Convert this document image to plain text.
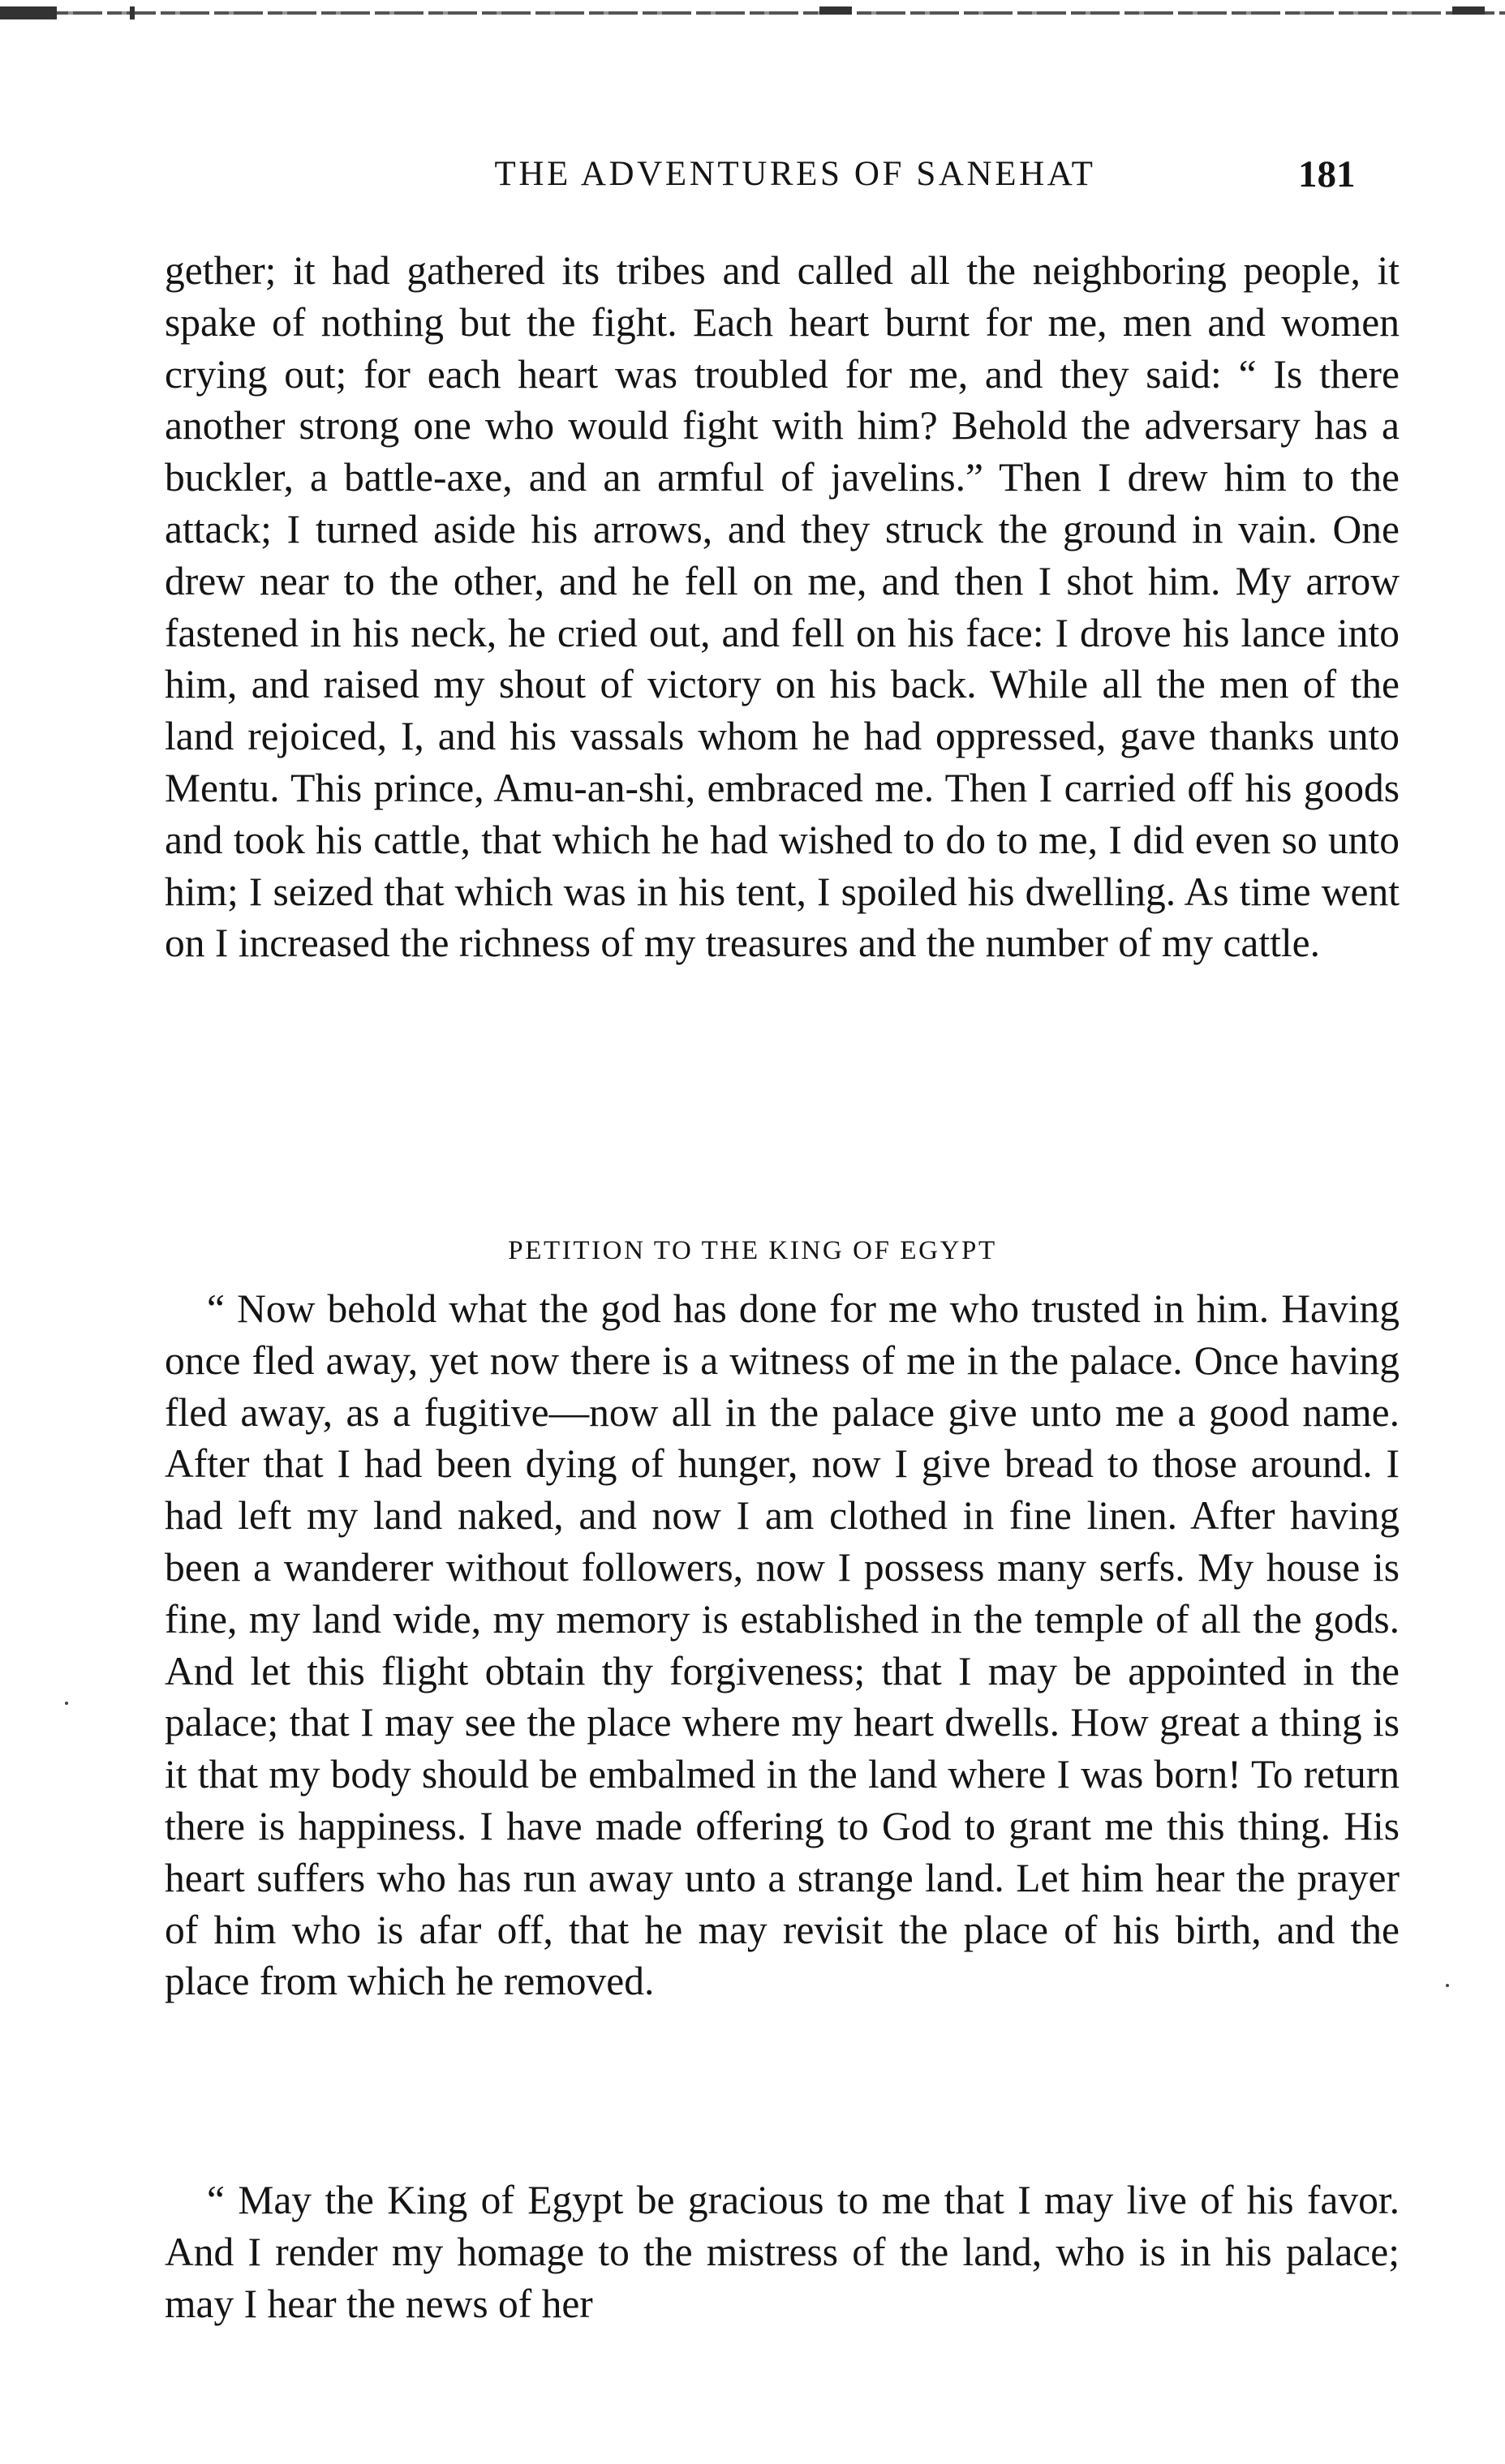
THE ADVENTURES OF SANEHAT	181

gether; it had gathered its tribes and called all the neighboring people, it spake of nothing but the fight. Each heart burnt for me, men and women crying out; for each heart was troubled for me, and they said: “ Is there another strong one who would fight with him? Behold the adversary has a buckler, a battle-axe, and an armful of javelins.” Then I drew him to the attack; I turned aside his arrows, and they struck the ground in vain. One drew near to the other, and he fell on me, and then I shot him. My arrow fastened in his neck, he cried out, and fell on his face: I drove his lance into him, and raised my shout of victory on his back. While all the men of the land rejoiced, I, and his vassals whom he had oppressed, gave thanks unto Mentu. This prince, Amu-an-shi, embraced me. Then I carried off his goods and took his cattle, that which he had wished to do to me, I did even so unto him; I seized that which was in his tent, I spoiled his dwelling. As time went on I increased the richness of my treasures and the number of my cattle.

PETITION TO THE KING OF EGYPT

“ Now behold what the god has done for me who trusted in him. Having once fled away, yet now there is a witness of me in the palace. Once having fled away, as a fugitive—now all in the palace give unto me a good name. After that I had been dying of hunger, now I give bread to those around. I had left my land naked, and now I am clothed in fine linen. After having been a wanderer without followers, now I possess many serfs. My house is fine, my land wide, my memory is established in the temple of all the gods. And let this flight obtain thy forgiveness; that I may be appointed in the palace; that I may see the place where my heart dwells. How great a thing is it that my body should be embalmed in the land where I was born! To return there is happiness. I have made offering to God to grant me this thing. His heart suffers who has run away unto a strange land. Let him hear the prayer of him who is afar off, that he may revisit the place of his birth, and the place from which he removed.

“ May the King of Egypt be gracious to me that I may live of his favor. And I render my homage to the mistress of the land, who is in his palace; may I hear the news of her
